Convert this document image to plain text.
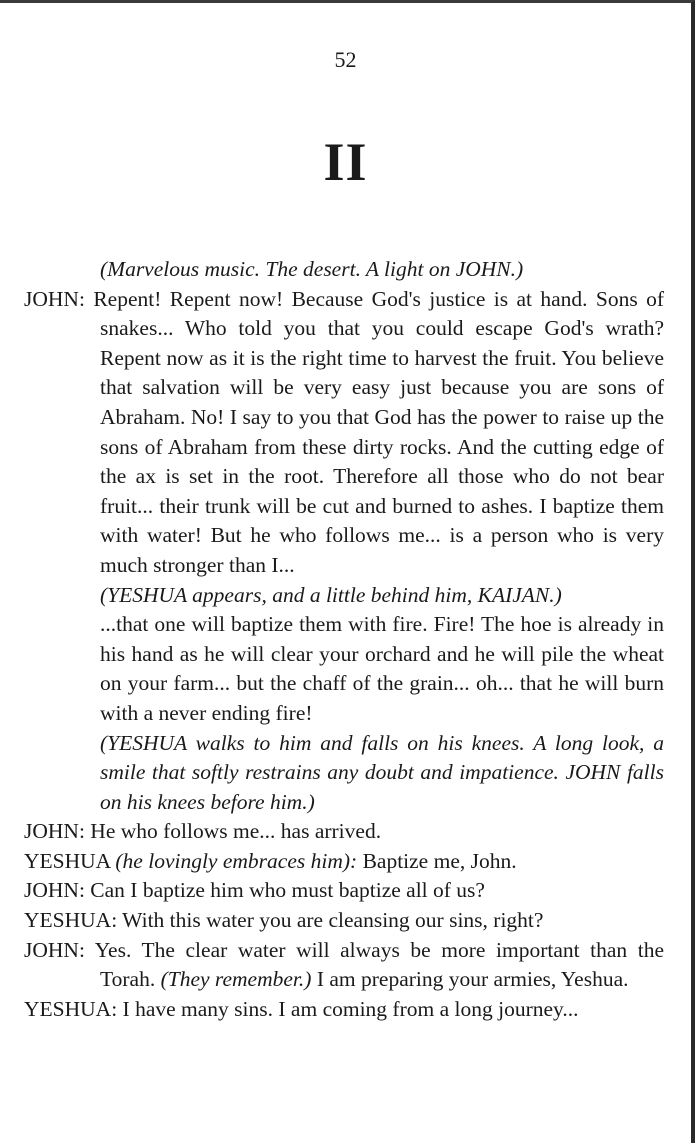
52
II

(Marvelous music. The desert. A light on JOHN.)

JOHN: Repent! Repent now! Because God's justice is at hand. Sons of snakes... Who told you that you could escape God's wrath? Repent now as it is the right time to harvest the fruit. You believe that salvation will be very easy just because you are sons of Abraham. No! I say to you that God has the power to raise up the sons of Abraham from these dirty rocks. And the cutting edge of the ax is set in the root. Therefore all those who do not bear fruit... their trunk will be cut and burned to ashes. I baptize them with water! But he who follows me... is a person who is very much stronger than I...

(YESHUA appears, and a little behind him, KAIJAN.)

...that one will baptize them with fire. Fire! The hoe is already in his hand as he will clear your orchard and he will pile the wheat on your farm... but the chaff of the grain... oh... that he will burn with a never ending fire!

(YESHUA walks to him and falls on his knees. A long look, a smile that softly restrains any doubt and impatience. JOHN falls on his knees before him.)

JOHN: He who follows me... has arrived.

YESHUA (he lovingly embraces him): Baptize me, John.

JOHN: Can I baptize him who must baptize all of us?

YESHUA: With this water you are cleansing our sins, right?

JOHN: Yes. The clear water will always be more important than the Torah. (They remember.) I am preparing your armies, Yeshua.

YESHUA: I have many sins. I am coming from a long journey...
